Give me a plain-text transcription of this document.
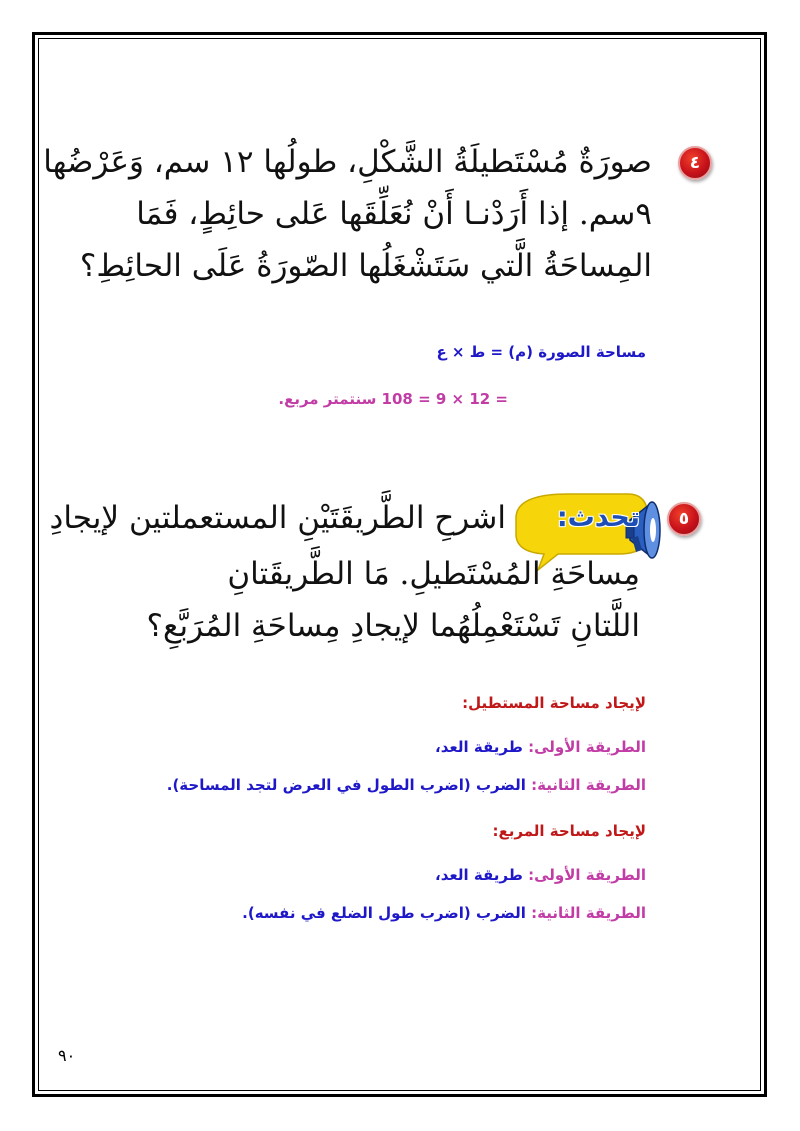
٤
صورَةٌ مُسْتَطيلَةُ الشَّكْلِ، طولُها ١٢ سم، وَعَرْضُها
٩سم. إذا أَرَدْنـا أَنْ نُعَلِّقَها عَلى حائِطٍ، فَمَا
المِساحَةُ الَّتي سَتَشْغَلُها الصّورَةُ عَلَى الحائِطِ؟
مساحة الصورة (م) = ط × ع
= 12 × 9 = 108 سنتمتر مربع.
٥
تحدث:
اشرحِ الطَّريقَتَيْنِ المستعملتين لإيجادِ
مِساحَةِ المُسْتَطيلِ. مَا الطَّريقَتانِ
اللَّتانِ تَسْتَعْمِلُهُما لإيجادِ مِساحَةِ المُرَبَّعِ؟
لإيجاد مساحة المستطيل:
الطريقة الأولى: طريقة العد،
الطريقة الثانية: الضرب (اضرب الطول في العرض لتجد المساحة).
لإيجاد مساحة المربع:
الطريقة الأولى: طريقة العد،
الطريقة الثانية: الضرب (اضرب طول الضلع في نفسه).
٩٠
